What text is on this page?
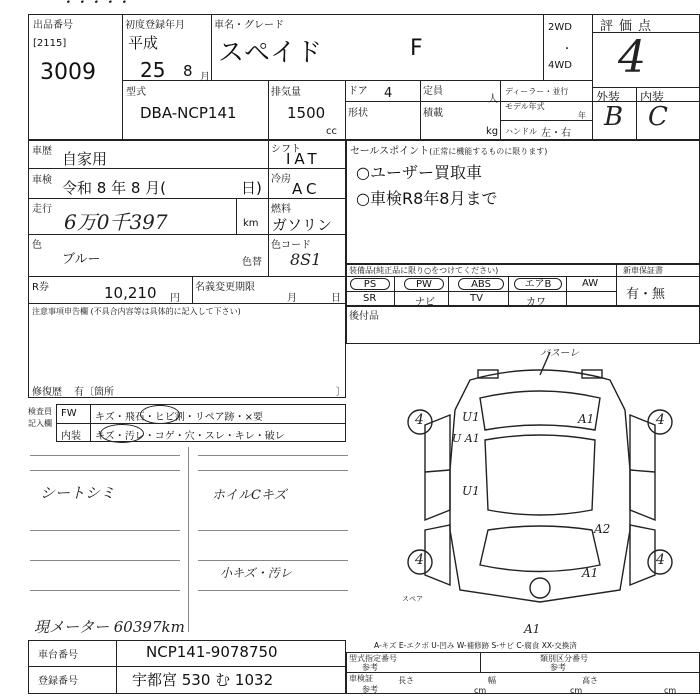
・・・・・
出品番号
[2115]
3009
初度登録年月
平成
25 8 月
車名・グレード
スペイド	F
2WD
・
4WD
型式
DBA-NCP141
排気量
1500
cc
ドア 4	定員
人
ディーラー・並行
形状	積載
kg
モデル年式
年
ハンドル 左・右
評価点
4
外装 内装
B C
車歴 自家用
シフト
IAT
車検 令和 8 年 8 月(	日) 冷房
AC
走行
6万0千397	km
燃料
ガソリン
色
ブルー	色替
色コード
8S1
R券	10,210 円
名義変更期限
月	日
注意事項申告欄 (不具合内容等は具体的に記入して下さい)
修復歴 有〔箇所	〕
セールスポイント(正常に機能するものに限ります)
○ユーザー買取車
○車検R8年8月まで
装備品(純正品に限り○をつけてください)	新車保証書
PS	PW	ABS	エアB	AW
SR	ナビ	TV	カワ
有・無
後付品
検査員記入欄
FW キズ・飛石・ヒビ割・リペア跡・×要
内装 キズ・汚レ・コゲ・穴・スレ・キレ・破レ
シートシミ	ホイルCキズ
小キズ・汚レ
現メーター 60397km
バスーレ
4	4
4	4
U1
U A1
A1
U1
A2
A1
A1
スペア
A-キズ E-エクボ U-凹み W-補修跡 S-サビ C-腐食 XX-交換済
車台番号	NCP141-9078750
登録番号	宇都宮 530 む 1032
型式指定番号
参考
類別区分番号
参考
車検証
参考
長さ
cm
幅
cm
高さ
cm
